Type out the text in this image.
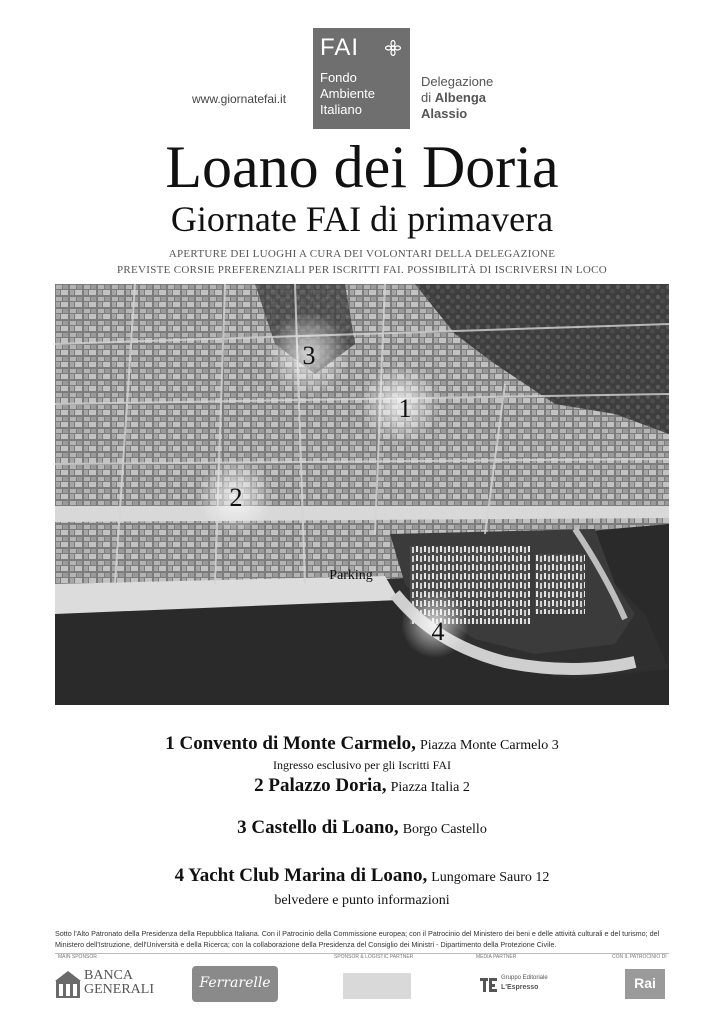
FAI
Fondo
Ambiente
Italiano
www.giornatefai.it
Delegazione
di Albenga
Alassio
Loano dei Doria
Giornate FAI di primavera
APERTURE DEI LUOGHI A CURA DEI VOLONTARI DELLA DELEGAZIONE
PREVISTE CORSIE PREFERENZIALI PER ISCRITTI FAI. POSSIBILITÀ DI ISCRIVERSI IN LOCO
1
2
3
4
Parking
1 Convento di Monte Carmelo, Piazza Monte Carmelo 3
Ingresso esclusivo per gli Iscritti FAI
2 Palazzo Doria, Piazza Italia 2
3 Castello di Loano, Borgo Castello
4 Yacht Club Marina di Loano, Lungomare Sauro 12
belvedere e punto informazioni
Sotto l'Alto Patronato della Presidenza della Repubblica Italiana. Con il Patrocinio della Commissione europea; con il Patrocinio del Ministero dei beni e delle attività culturali e del turismo; del Ministero dell'Istruzione, dell'Università e della Ricerca; con la collaborazione della Presidenza del Consiglio dei Ministri - Dipartimento della Protezione Civile.
MAIN SPONSOR	SPONSOR & LOGISTIC PARTNER	MEDIA PARTNER	CON IL PATROCINIO DI
BANCA
GENERALI	Ferrarelle	Gruppo Editoriale
L'Espresso	Rai
